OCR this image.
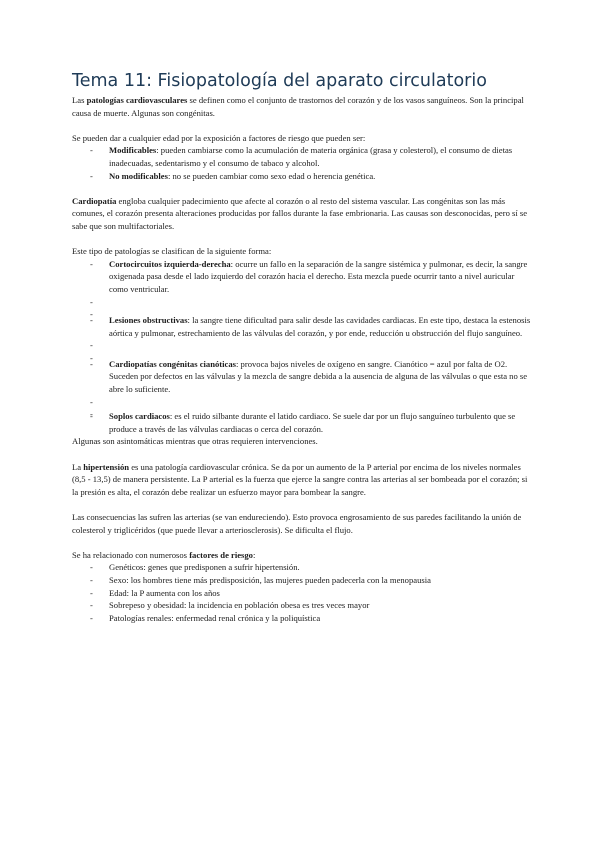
Tema 11: Fisiopatología del aparato circulatorio

Las patologías cardiovasculares se definen como el conjunto de trastornos del corazón y de los vasos sanguíneos. Son la principal causa de muerte. Algunas son congénitas.

Se pueden dar a cualquier edad por la exposición a factores de riesgo que pueden ser:

- Modificables: pueden cambiarse como la acumulación de materia orgánica (grasa y colesterol), el consumo de dietas inadecuadas, sedentarismo y el consumo de tabaco y alcohol.
- No modificables: no se pueden cambiar como sexo edad o herencia genética.

Cardiopatía engloba cualquier padecimiento que afecte al corazón o al resto del sistema vascular. Las congénitas son las más comunes, el corazón presenta alteraciones producidas por fallos durante la fase embrionaria. Las causas son desconocidas, pero sí se sabe que son multifactoriales.

Este tipo de patologías se clasifican de la siguiente forma:

- Cortocircuitos izquierda-derecha: ocurre un fallo en la separación de la sangre sistémica y pulmonar, es decir, la sangre oxigenada pasa desde el lado izquierdo del corazón hacia el derecho. Esta mezcla puede ocurrir tanto a nivel auricular como ventricular.
-
-
- Lesiones obstructivas: la sangre tiene dificultad para salir desde las cavidades cardiacas. En este tipo, destaca la estenosis aórtica y pulmonar, estrechamiento de las válvulas del corazón, y por ende, reducción u obstrucción del flujo sanguíneo.
-
-
- Cardiopatías congénitas cianóticas: provoca bajos niveles de oxígeno en sangre. Cianótico = azul por falta de O2. Suceden por defectos en las válvulas y la mezcla de sangre debida a la ausencia de alguna de las válvulas o que esta no se abre lo suficiente.
-
-
- Soplos cardiacos: es el ruido silbante durante el latido cardiaco. Se suele dar por un flujo sanguíneo turbulento que se produce a través de las válvulas cardiacas o cerca del corazón.

Algunas son asintomáticas mientras que otras requieren intervenciones.

La hipertensión es una patología cardiovascular crónica. Se da por un aumento de la P arterial por encima de los niveles normales (8,5 - 13,5) de manera persistente. La P arterial es la fuerza que ejerce la sangre contra las arterias al ser bombeada por el corazón; si la presión es alta, el corazón debe realizar un esfuerzo mayor para bombear la sangre.

Las consecuencias las sufren las arterias (se van endureciendo). Esto provoca engrosamiento de sus paredes facilitando la unión de colesterol y triglicéridos (que puede llevar a arteriosclerosis). Se dificulta el flujo.

Se ha relacionado con numerosos factores de riesgo:

- Genéticos: genes que predisponen a sufrir hipertensión.
- Sexo: los hombres tiene más predisposición, las mujeres pueden padecerla con la menopausia
- Edad: la P aumenta con los años
- Sobrepeso y obesidad: la incidencia en población obesa es tres veces mayor
- Patologías renales: enfermedad renal crónica y la poliquística
